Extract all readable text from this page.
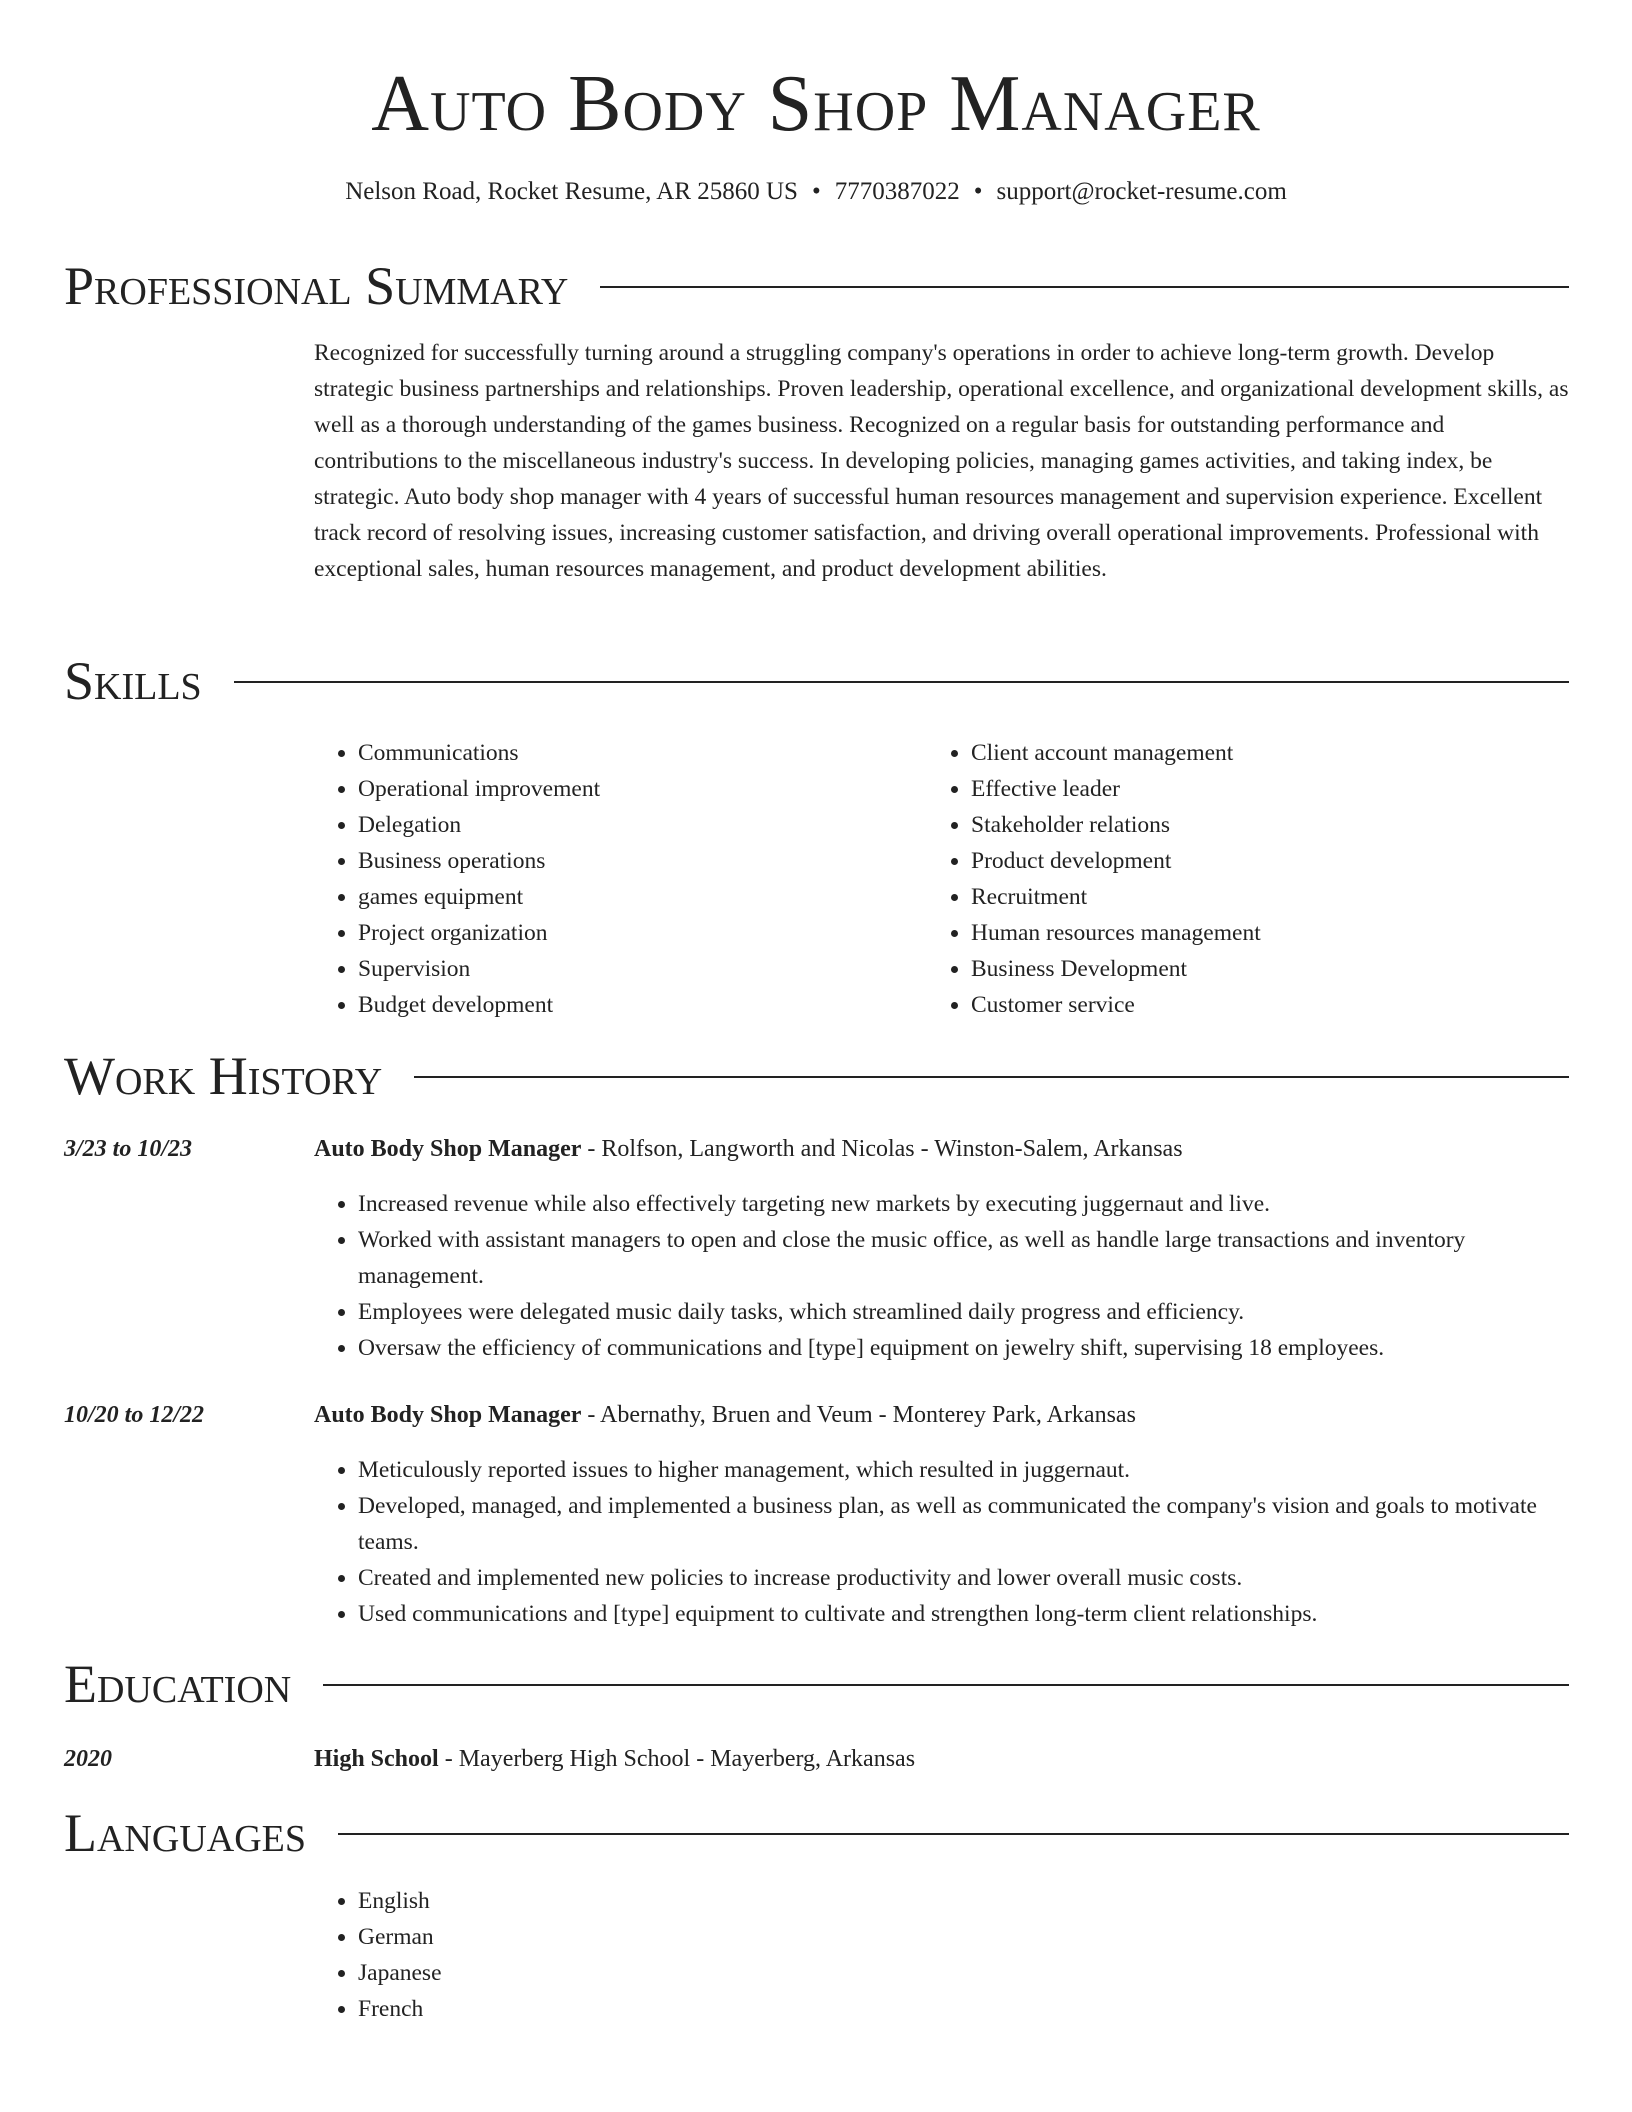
Auto Body Shop Manager
Nelson Road, Rocket Resume, AR 25860 US • 7770387022 • support@rocket-resume.com
Professional Summary
Recognized for successfully turning around a struggling company's operations in order to achieve long-term growth. Develop strategic business partnerships and relationships. Proven leadership, operational excellence, and organizational development skills, as well as a thorough understanding of the games business. Recognized on a regular basis for outstanding performance and contributions to the miscellaneous industry's success. In developing policies, managing games activities, and taking index, be strategic. Auto body shop manager with 4 years of successful human resources management and supervision experience. Excellent track record of resolving issues, increasing customer satisfaction, and driving overall operational improvements. Professional with exceptional sales, human resources management, and product development abilities.
Skills
• Communications
• Operational improvement
• Delegation
• Business operations
• games equipment
• Project organization
• Supervision
• Budget development
• Client account management
• Effective leader
• Stakeholder relations
• Product development
• Recruitment
• Human resources management
• Business Development
• Customer service
Work History
3/23 to 10/23	Auto Body Shop Manager - Rolfson, Langworth and Nicolas - Winston-Salem, Arkansas
• Increased revenue while also effectively targeting new markets by executing juggernaut and live.
• Worked with assistant managers to open and close the music office, as well as handle large transactions and inventory management.
• Employees were delegated music daily tasks, which streamlined daily progress and efficiency.
• Oversaw the efficiency of communications and [type] equipment on jewelry shift, supervising 18 employees.
10/20 to 12/22	Auto Body Shop Manager - Abernathy, Bruen and Veum - Monterey Park, Arkansas
• Meticulously reported issues to higher management, which resulted in juggernaut.
• Developed, managed, and implemented a business plan, as well as communicated the company's vision and goals to motivate teams.
• Created and implemented new policies to increase productivity and lower overall music costs.
• Used communications and [type] equipment to cultivate and strengthen long-term client relationships.
Education
2020	High School - Mayerberg High School - Mayerberg, Arkansas
Languages
• English
• German
• Japanese
• French
